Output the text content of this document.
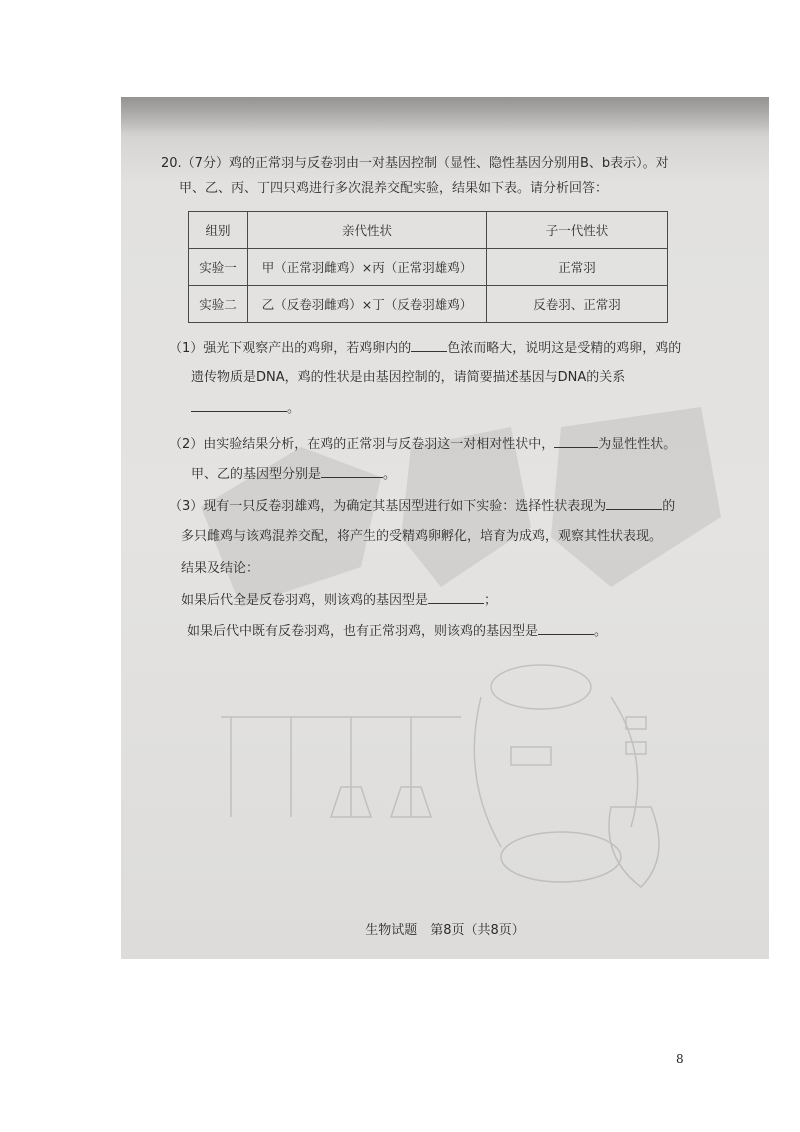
20.（7分）鸡的正常羽与反卷羽由一对基因控制（显性、隐性基因分别用B、b表示）。对
甲、乙、丙、丁四只鸡进行多次混养交配实验，结果如下表。请分析回答：
组别	亲代性状	子一代性状
实验一	甲（正常羽雌鸡）×丙（正常羽雄鸡）	正常羽
实验二	乙（反卷羽雌鸡）×丁（反卷羽雄鸡）	反卷羽、正常羽
（1）强光下观察产出的鸡卵，若鸡卵内的	色浓而略大，说明这是受精的鸡卵，鸡的
遗传物质是DNA，鸡的性状是由基因控制的，请简要描述基因与DNA的关系
。
（2）由实验结果分析，在鸡的正常羽与反卷羽这一对相对性状中，	为显性性状。
甲、乙的基因型分别是	。
（3）现有一只反卷羽雄鸡，为确定其基因型进行如下实验：选择性状表现为	的
多只雌鸡与该鸡混养交配，将产生的受精鸡卵孵化，培育为成鸡，观察其性状表现。
结果及结论：
如果后代全是反卷羽鸡，则该鸡的基因型是	；
如果后代中既有反卷羽鸡，也有正常羽鸡，则该鸡的基因型是	。
生物试题　第8页（共8页）
8
